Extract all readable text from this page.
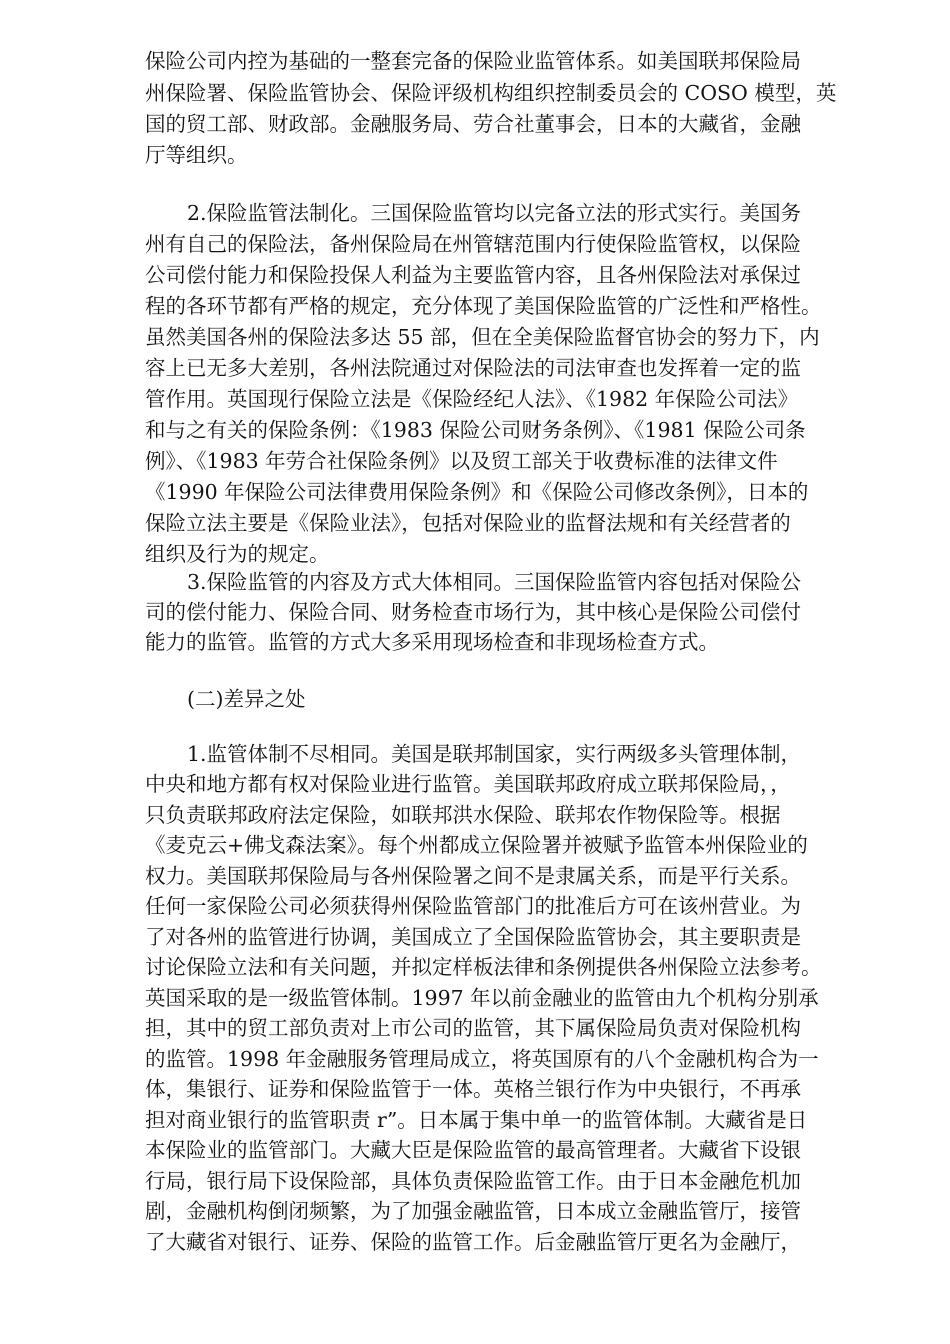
保险公司内控为基础的一整套完备的保险业监管体系。如美国联邦保险局
州保险署、保险监管协会、保险评级机构组织控制委员会的 COSO 模型，英
国的贸工部、财政部。金融服务局、劳合社董事会，日本的大藏省，金融
厅等组织。
2.保险监管法制化。三国保险监管均以完备立法的形式实行。美国务
州有自己的保险法，备州保险局在州管辖范围内行使保险监管权，以保险
公司偿付能力和保险投保人利益为主要监管内容，且各州保险法对承保过
程的各环节都有严格的规定，充分体现了美国保险监管的广泛性和严格性。
虽然美国各州的保险法多达 55 部，但在全美保险监督官协会的努力下，内
容上已无多大差别，各州法院通过对保险法的司法审查也发挥着一定的监
管作用。英国现行保险立法是《保险经纪人法》、《1982 年保险公司法》
和与之有关的保险条例：《1983 保险公司财务条例》、《1981 保险公司条
例》、《1983 年劳合社保险条例》以及贸工部关于收费标准的法律文件
《1990 年保险公司法律费用保险条例》和《保险公司修改条例》，日本的
保险立法主要是《保险业法》，包括对保险业的监督法规和有关经营者的
组织及行为的规定。
3.保险监管的内容及方式大体相同。三国保险监管内容包括对保险公
司的偿付能力、保险合同、财务检查市场行为，其中核心是保险公司偿付
能力的监管。监管的方式大多采用现场检查和非现场检查方式。
(二)差异之处
1.监管体制不尽相同。美国是联邦制国家，实行两级多头管理体制，
中央和地方都有权对保险业进行监管。美国联邦政府成立联邦保险局，，
只负责联邦政府法定保险，如联邦洪水保险、联邦农作物保险等。根据
《麦克云+佛戈森法案》。每个州都成立保险署并被赋予监管本州保险业的
权力。美国联邦保险局与各州保险署之间不是隶属关系，而是平行关系。
任何一家保险公司必须获得州保险监管部门的批准后方可在该州营业。为
了对各州的监管进行协调，美国成立了全国保险监管协会，其主要职责是
讨论保险立法和有关问题，并拟定样板法律和条例提供各州保险立法参考。
英国采取的是一级监管体制。1997 年以前金融业的监管由九个机构分别承
担，其中的贸工部负责对上市公司的监管，其下属保险局负责对保险机构
的监管。1998 年金融服务管理局成立，将英国原有的八个金融机构合为一
体，集银行、证券和保险监管于一体。英格兰银行作为中央银行，不再承
担对商业银行的监管职责 r”。日本属于集中单一的监管体制。大藏省是日
本保险业的监管部门。大藏大臣是保险监管的最高管理者。大藏省下设银
行局，银行局下设保险部，具体负责保险监管工作。由于日本金融危机加
剧，金融机构倒闭频繁，为了加强金融监管，日本成立金融监管厅，接管
了大藏省对银行、证券、保险的监管工作。后金融监管厅更名为金融厅，
